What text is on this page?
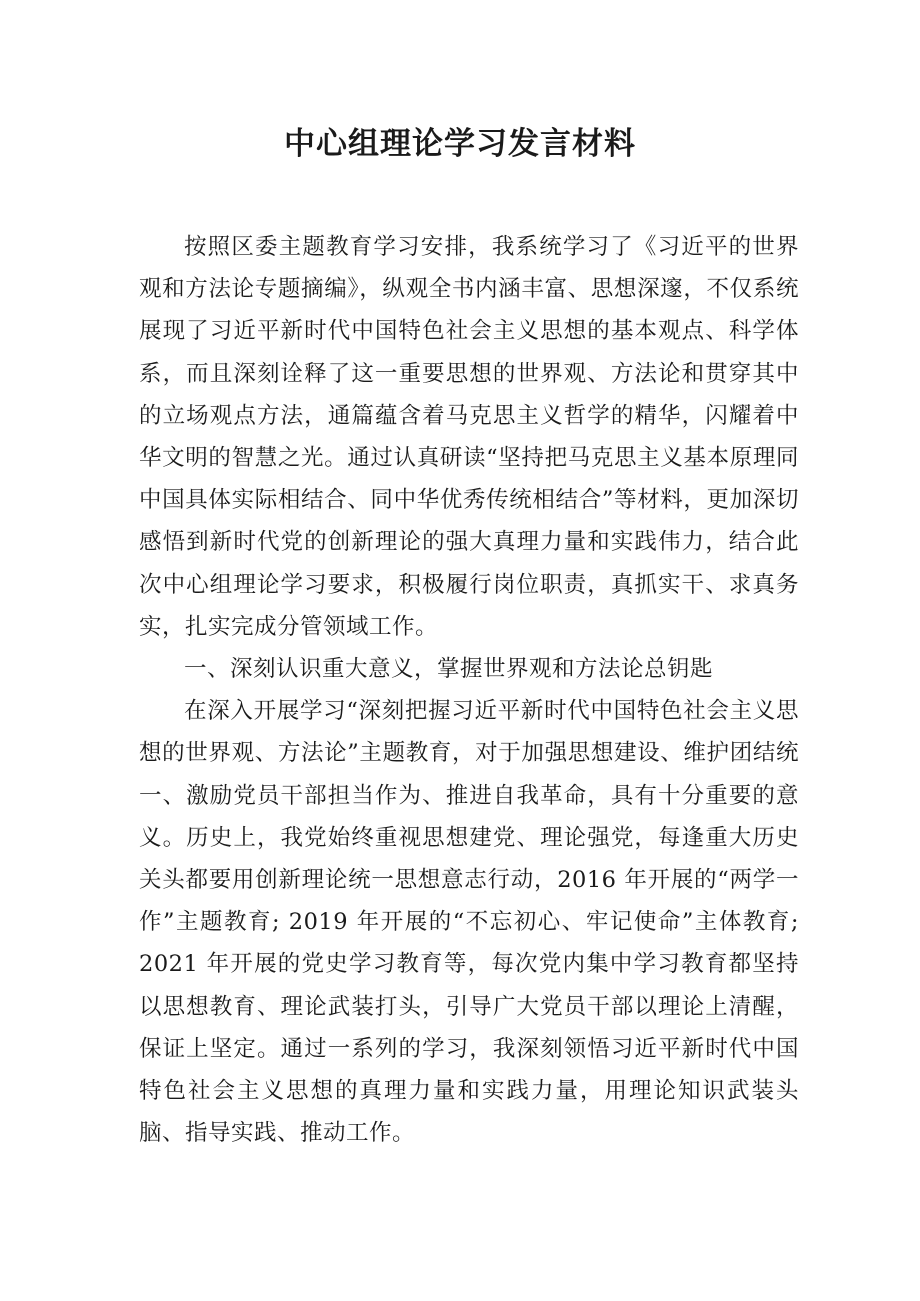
中心组理论学习发言材料

按照区委主题教育学习安排，我系统学习了《习近平的世界观和方法论专题摘编》，纵观全书内涵丰富、思想深邃，不仅系统展现了习近平新时代中国特色社会主义思想的基本观点、科学体系，而且深刻诠释了这一重要思想的世界观、方法论和贯穿其中的立场观点方法，通篇蕴含着马克思主义哲学的精华，闪耀着中华文明的智慧之光。通过认真研读“坚持把马克思主义基本原理同中国具体实际相结合、同中华优秀传统相结合”等材料，更加深切感悟到新时代党的创新理论的强大真理力量和实践伟力，结合此次中心组理论学习要求，积极履行岗位职责，真抓实干、求真务实，扎实完成分管领域工作。

一、深刻认识重大意义，掌握世界观和方法论总钥匙

在深入开展学习“深刻把握习近平新时代中国特色社会主义思想的世界观、方法论”主题教育，对于加强思想建设、维护团结统一、激励党员干部担当作为、推进自我革命，具有十分重要的意义。历史上，我党始终重视思想建党、理论强党，每逢重大历史关头都要用创新理论统一思想意志行动，2016 年开展的“两学一作”主题教育; 2019 年开展的“不忘初心、牢记使命”主体教育; 2021 年开展的党史学习教育等，每次党内集中学习教育都坚持以思想教育、理论武装打头，引导广大党员干部以理论上清醒，保证上坚定。通过一系列的学习，我深刻领悟习近平新时代中国特色社会主义思想的真理力量和实践力量，用理论知识武装头脑、指导实践、推动工作。
